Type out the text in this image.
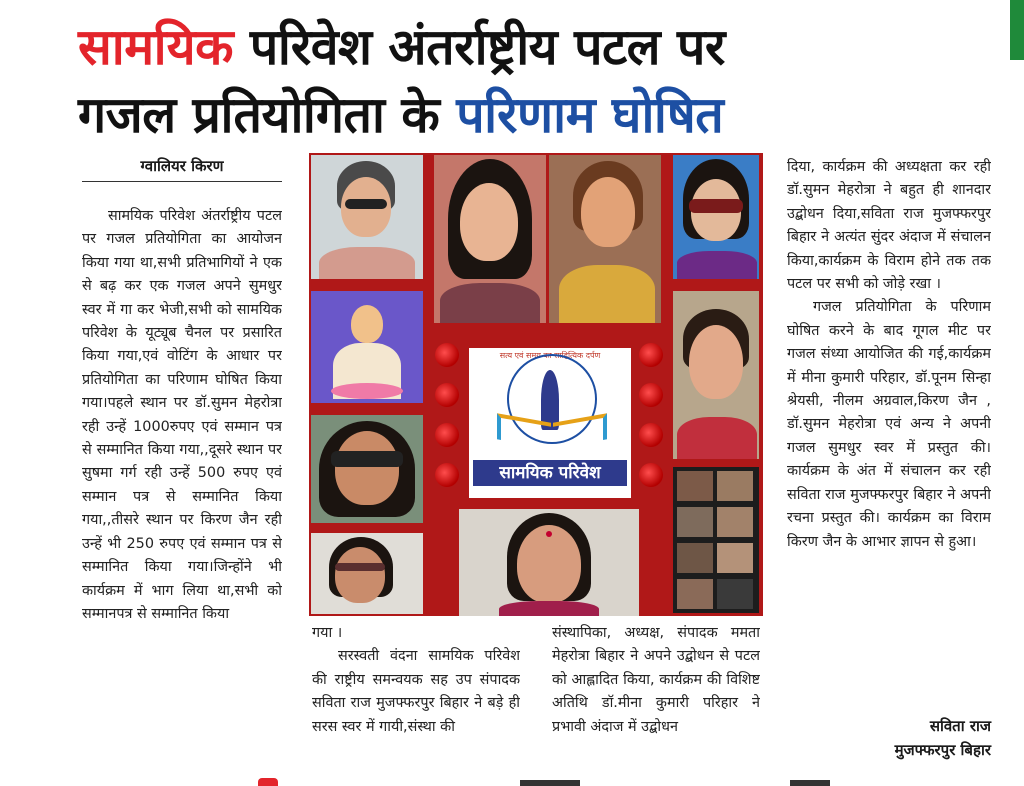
सामयिक परिवेश अंतर्राष्ट्रीय पटल पर
गजल प्रतियोगिता के परिणाम घोषित
ग्वालियर किरण

सामयिक परिवेश अंतर्राष्ट्रीय पटल पर गजल प्रतियोगिता का आयोजन किया गया था,सभी प्रतिभागियों ने एक से बढ़ कर एक गजल अपने सुमधुर स्वर में गा कर भेजी,सभी को सामयिक परिवेश के यूट्यूब चैनल पर प्रसारित किया गया,एवं वोटिंग के आधार पर प्रतियोगिता का परिणाम घोषित किया गया।पहले स्थान पर डॉ.सुमन मेहरोत्रा रही उन्हें 1000रुपए एवं सम्मान पत्र से सम्मानित किया गया,,दूसरे स्थान पर सुषमा गर्ग रही उन्हें 500 रुपए एवं सम्मान पत्र से सम्मानित किया गया,,तीसरे स्थान पर किरण जैन रही उन्हें भी 250 रुपए एवं सम्मान पत्र से सम्मानित किया गया।जिन्होंने भी कार्यक्रम में भाग लिया था,सभी को सम्मानपत्र से सम्मानित किया

सत्य एवं समय का साहित्यिक दर्पण
सामयिक परिवेश

गया ।

सरस्वती वंदना सामयिक परिवेश की राष्ट्रीय समन्वयक सह उप संपादक सविता राज मुजफ्फरपुर बिहार ने बड़े ही सरस स्वर में गायी,संस्था की

संस्थापिका, अध्यक्ष, संपादक ममता मेहरोत्रा बिहार ने अपने उद्बोधन से पटल को आह्लादित किया, कार्यक्रम की विशिष्ट अतिथि डॉ.मीना कुमारी परिहार ने प्रभावी अंदाज में उद्बोधन

दिया, कार्यक्रम की अध्यक्षता कर रही डॉ.सुमन मेहरोत्रा ने बहुत ही शानदार उद्बोधन दिया,सविता राज मुजफ्फरपुर बिहार ने अत्यंत सुंदर अंदाज में संचालन किया,कार्यक्रम के विराम होने तक तक पटल पर सभी को जोड़े रखा ।

गजल प्रतियोगिता के परिणाम घोषित करने के बाद गूगल मीट पर गजल संध्या आयोजित की गई,कार्यक्रम में मीना कुमारी परिहार, डॉ.पूनम सिन्हा श्रेयसी, नीलम अग्रवाल,किरण जैन , डॉ.सुमन मेहरोत्रा एवं अन्य ने अपनी गजल सुमधुर स्वर में प्रस्तुत की। कार्यक्रम के अंत में संचालन कर रही सविता राज मुजफ्फरपुर बिहार ने अपनी रचना प्रस्तुत की। कार्यक्रम का विराम किरण जैन के आभार ज्ञापन से हुआ।

सविता राज
मुजफ्फरपुर बिहार
